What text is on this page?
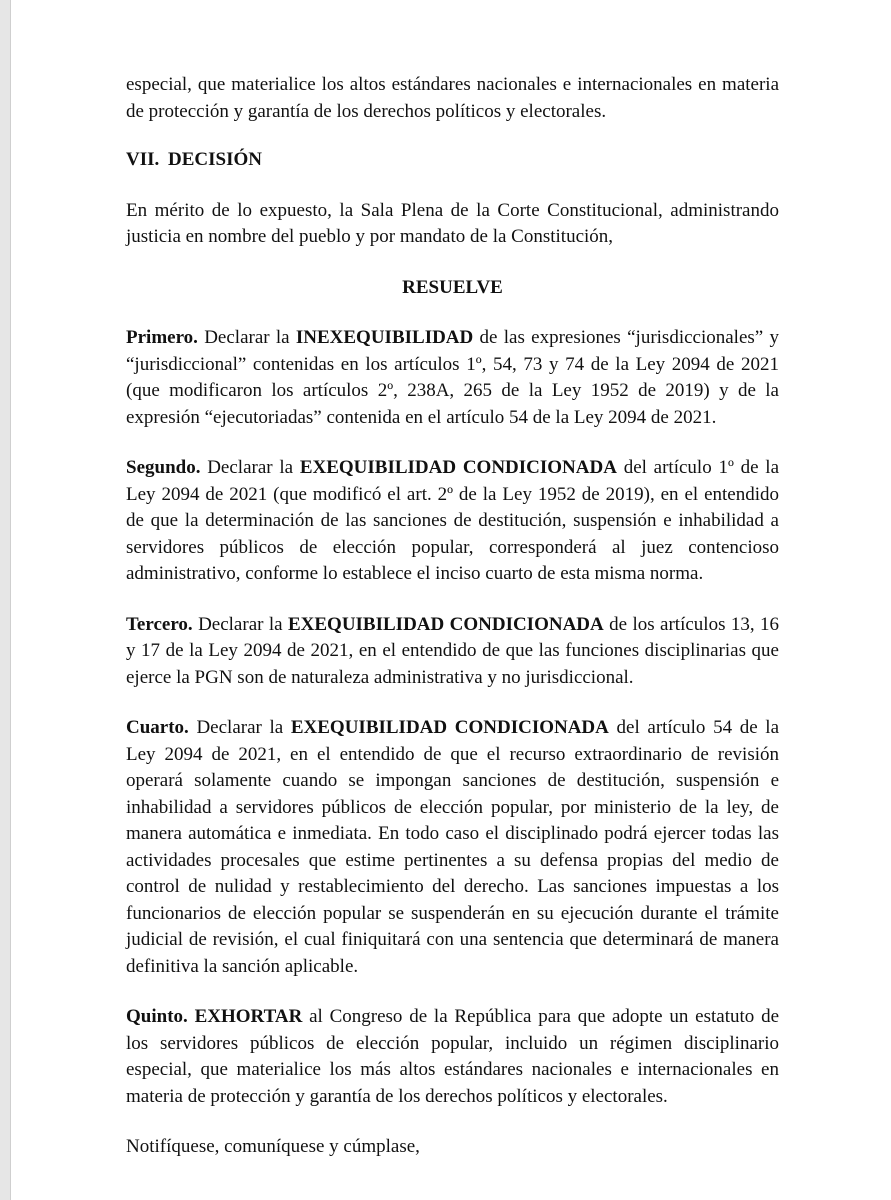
especial, que materialice los altos estándares nacionales e internacionales en materia de protección y garantía de los derechos políticos y electorales.

VII. DECISIÓN

En mérito de lo expuesto, la Sala Plena de la Corte Constitucional, administrando justicia en nombre del pueblo y por mandato de la Constitución,

RESUELVE

Primero. Declarar la INEXEQUIBILIDAD de las expresiones “jurisdiccionales” y “jurisdiccional” contenidas en los artículos 1º, 54, 73 y 74 de la Ley 2094 de 2021 (que modificaron los artículos 2º, 238A, 265 de la Ley 1952 de 2019) y de la expresión “ejecutoriadas” contenida en el artículo 54 de la Ley 2094 de 2021.

Segundo. Declarar la EXEQUIBILIDAD CONDICIONADA del artículo 1º de la Ley 2094 de 2021 (que modificó el art. 2º de la Ley 1952 de 2019), en el entendido de que la determinación de las sanciones de destitución, suspensión e inhabilidad a servidores públicos de elección popular, corresponderá al juez contencioso administrativo, conforme lo establece el inciso cuarto de esta misma norma.

Tercero. Declarar la EXEQUIBILIDAD CONDICIONADA de los artículos 13, 16 y 17 de la Ley 2094 de 2021, en el entendido de que las funciones disciplinarias que ejerce la PGN son de naturaleza administrativa y no jurisdiccional.

Cuarto. Declarar la EXEQUIBILIDAD CONDICIONADA del artículo 54 de la Ley 2094 de 2021, en el entendido de que el recurso extraordinario de revisión operará solamente cuando se impongan sanciones de destitución, suspensión e inhabilidad a servidores públicos de elección popular, por ministerio de la ley, de manera automática e inmediata. En todo caso el disciplinado podrá ejercer todas las actividades procesales que estime pertinentes a su defensa propias del medio de control de nulidad y restablecimiento del derecho. Las sanciones impuestas a los funcionarios de elección popular se suspenderán en su ejecución durante el trámite judicial de revisión, el cual finiquitará con una sentencia que determinará de manera definitiva la sanción aplicable.

Quinto. EXHORTAR al Congreso de la República para que adopte un estatuto de los servidores públicos de elección popular, incluido un régimen disciplinario especial, que materialice los más altos estándares nacionales e internacionales en materia de protección y garantía de los derechos políticos y electorales.

Notifíquese, comuníquese y cúmplase,
